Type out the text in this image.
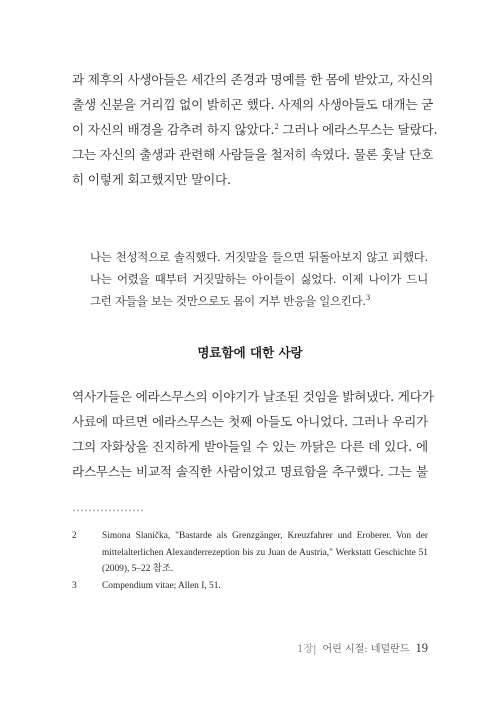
과 제후의 사생아들은 세간의 존경과 명예를 한 몸에 받았고, 자신의
출생 신분을 거리낌 없이 밝히곤 했다. 사제의 사생아들도 대개는 굳
이 자신의 배경을 감추려 하지 않았다.$^2$ 그러나 에라스무스는 달랐다.
그는 자신의 출생과 관련해 사람들을 철저히 속였다. 물론 훗날 단호
히 이렇게 회고했지만 말이다.
나는 천성적으로 솔직했다. 거짓말을 들으면 뒤돌아보지 않고 피했다.
나는 어렸을 때부터 거짓말하는 아이들이 싫었다. 이제 나이가 드니
그런 자들을 보는 것만으로도 몸이 거부 반응을 일으킨다.$^3$
명료함에 대한 사랑
역사가들은 에라스무스의 이야기가 날조된 것임을 밝혀냈다. 게다가
사료에 따르면 에라스무스는 첫째 아들도 아니었다. 그러나 우리가
그의 자화상을 진지하게 받아들일 수 있는 까닭은 다른 데 있다. 에
라스무스는 비교적 솔직한 사람이었고 명료함을 추구했다. 그는 불
2	Simona Slaníčka, "Bastarde als Grenzgänger, Kreuzfahrer und Eroberer. Von der
mittelalterlichen Alexanderrezeption bis zu Juan de Austria," Werkstatt Geschichte 51
(2009), 5–22 참조.
3	Compendium vitae; Allen I, 51.
1장| 어린 시절: 네덜란드 19
